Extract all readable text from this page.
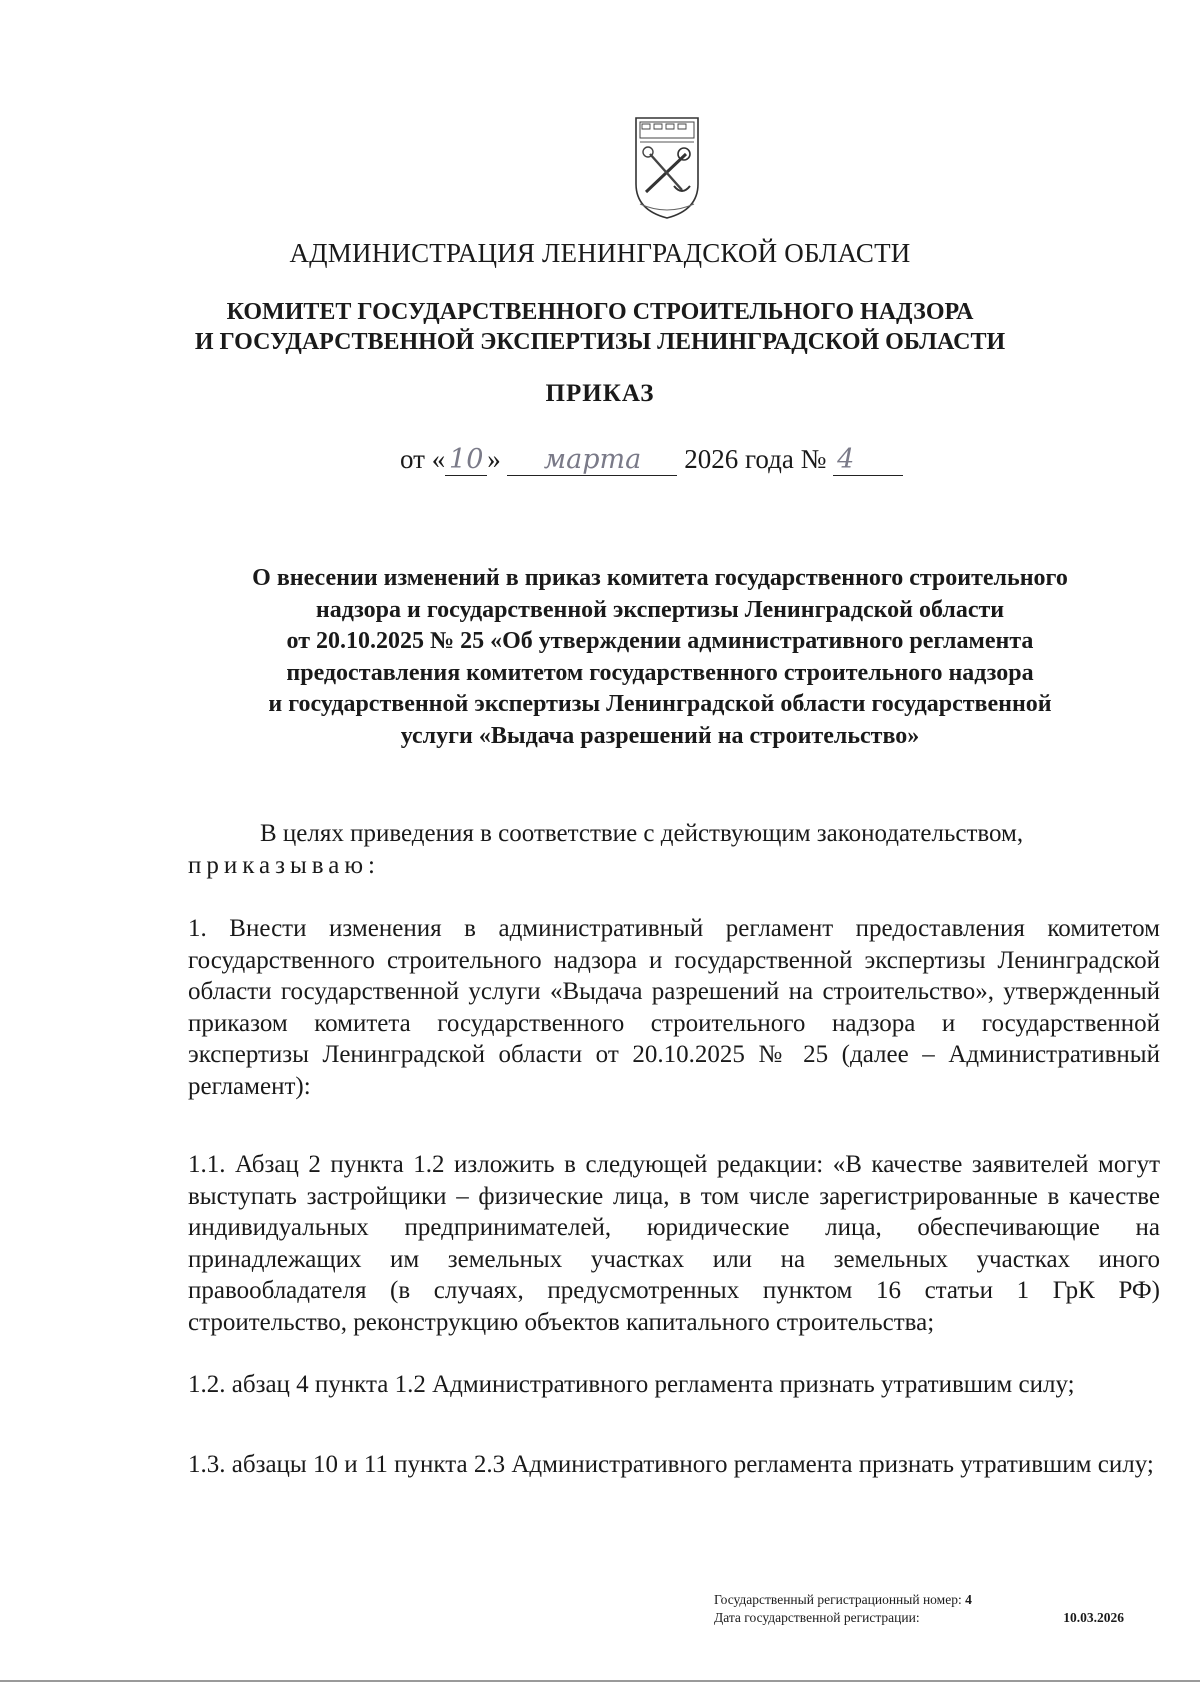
АДМИНИСТРАЦИЯ ЛЕНИНГРАДСКОЙ ОБЛАСТИ
КОМИТЕТ ГОСУДАРСТВЕННОГО СТРОИТЕЛЬНОГО НАДЗОРА
И ГОСУДАРСТВЕННОЙ ЭКСПЕРТИЗЫ ЛЕНИНГРАДСКОЙ ОБЛАСТИ
ПРИКАЗ
от « 10 » марта 2026 года № 4
О внесении изменений в приказ комитета государственного строительного
надзора и государственной экспертизы Ленинградской области
от 20.10.2025 № 25 «Об утверждении административного регламента
предоставления комитетом государственного строительного надзора
и государственной экспертизы Ленинградской области государственной
услуги «Выдача разрешений на строительство»
В целях приведения в соответствие с действующим законодательством,
приказываю:
1. Внести изменения в административный регламент предоставления комитетом государственного строительного надзора и государственной экспертизы Ленинградской области государственной услуги «Выдача разрешений на строительство», утвержденный приказом комитета государственного строительного надзора и государственной экспертизы Ленинградской области от 20.10.2025 № 25 (далее – Административный регламент):
1.1. Абзац 2 пункта 1.2 изложить в следующей редакции: «В качестве заявителей могут выступать застройщики – физические лица, в том числе зарегистрированные в качестве индивидуальных предпринимателей, юридические лица, обеспечивающие на принадлежащих им земельных участках или на земельных участках иного правообладателя (в случаях, предусмотренных пунктом 16 статьи 1 ГрК РФ) строительство, реконструкцию объектов капитального строительства;
1.2. абзац 4 пункта 1.2 Административного регламента признать утратившим силу;
1.3. абзацы 10 и 11 пункта 2.3 Административного регламента признать утратившим силу;
Государственный регистрационный номер: 4
Дата государственной регистрации:	10.03.2026
